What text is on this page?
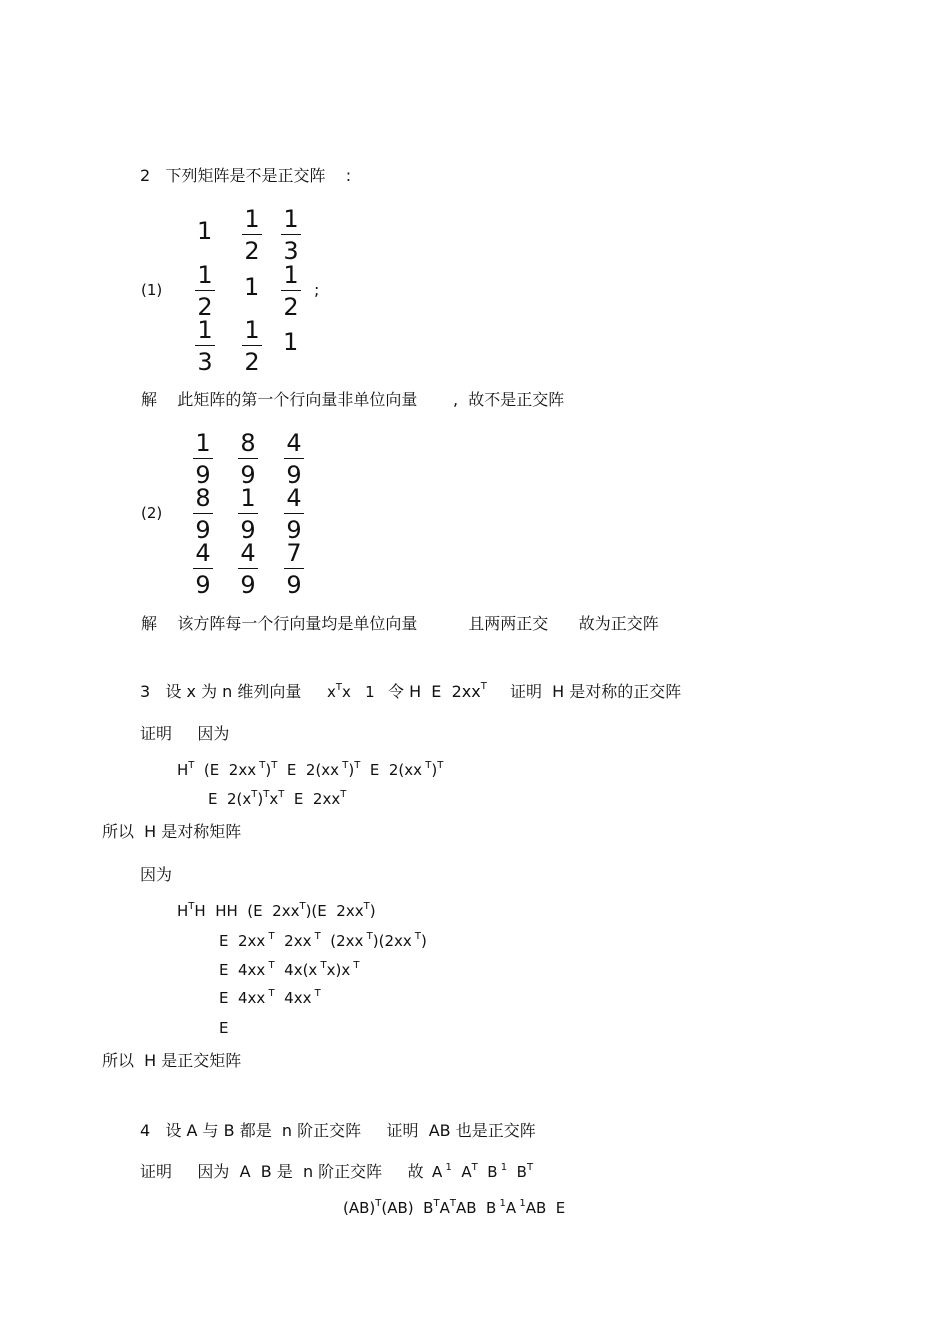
2   下列矩阵是不是正交阵    :
(1)
$1 \frac{1}{2} \frac{1}{3}$
$\frac{1}{2} 1 \frac{1}{2}$
$\frac{1}{3} \frac{1}{2} 1$
;
解    此矩阵的第一个行向量非单位向量       ,  故不是正交阵
(2)
$\frac{1}{9} \frac{8}{9} \frac{4}{9}$
$\frac{8}{9} \frac{1}{9} \frac{4}{9}$
$\frac{4}{9} \frac{4}{9} \frac{7}{9}$
解    该方阵每一个行向量均是单位向量          且两两正交      故为正交阵
3   设 x 为 n 维列向量 $x^Tx$   1 令 H  E  $2xx^T$ 证明  H 是对称的正交阵
证明     因为
$H^T$  (E  2xx $^T$)$^T$  E  2(xx $^T$)$^T$  E  2(xx $^T$)$^T$
E  $2(x^T)^Tx^T$  E  $2xx^T$
所以  H 是对称矩阵
因为
$H^TH$  HH  (E  $2xx^T)(E$  $2xx^T$)
E  2xx $^T$  2xx $^T$  (2xx $^T$)(2xx $^T$)
E  4xx $^T$  4x(x $^T$x)x $^T$
E  4xx $^T$  4xx $^T$
E
所以  H 是正交矩阵
4   设 A 与 B 都是  n 阶正交阵     证明  AB 也是正交阵
证明     因为  A  B 是  n 阶正交阵     故 A $^1$  $A^T$  B $^1$  $B^T$
(AB)$^T$(AB)  $B^TA^TAB$  B $^1$A $^1$AB  E
